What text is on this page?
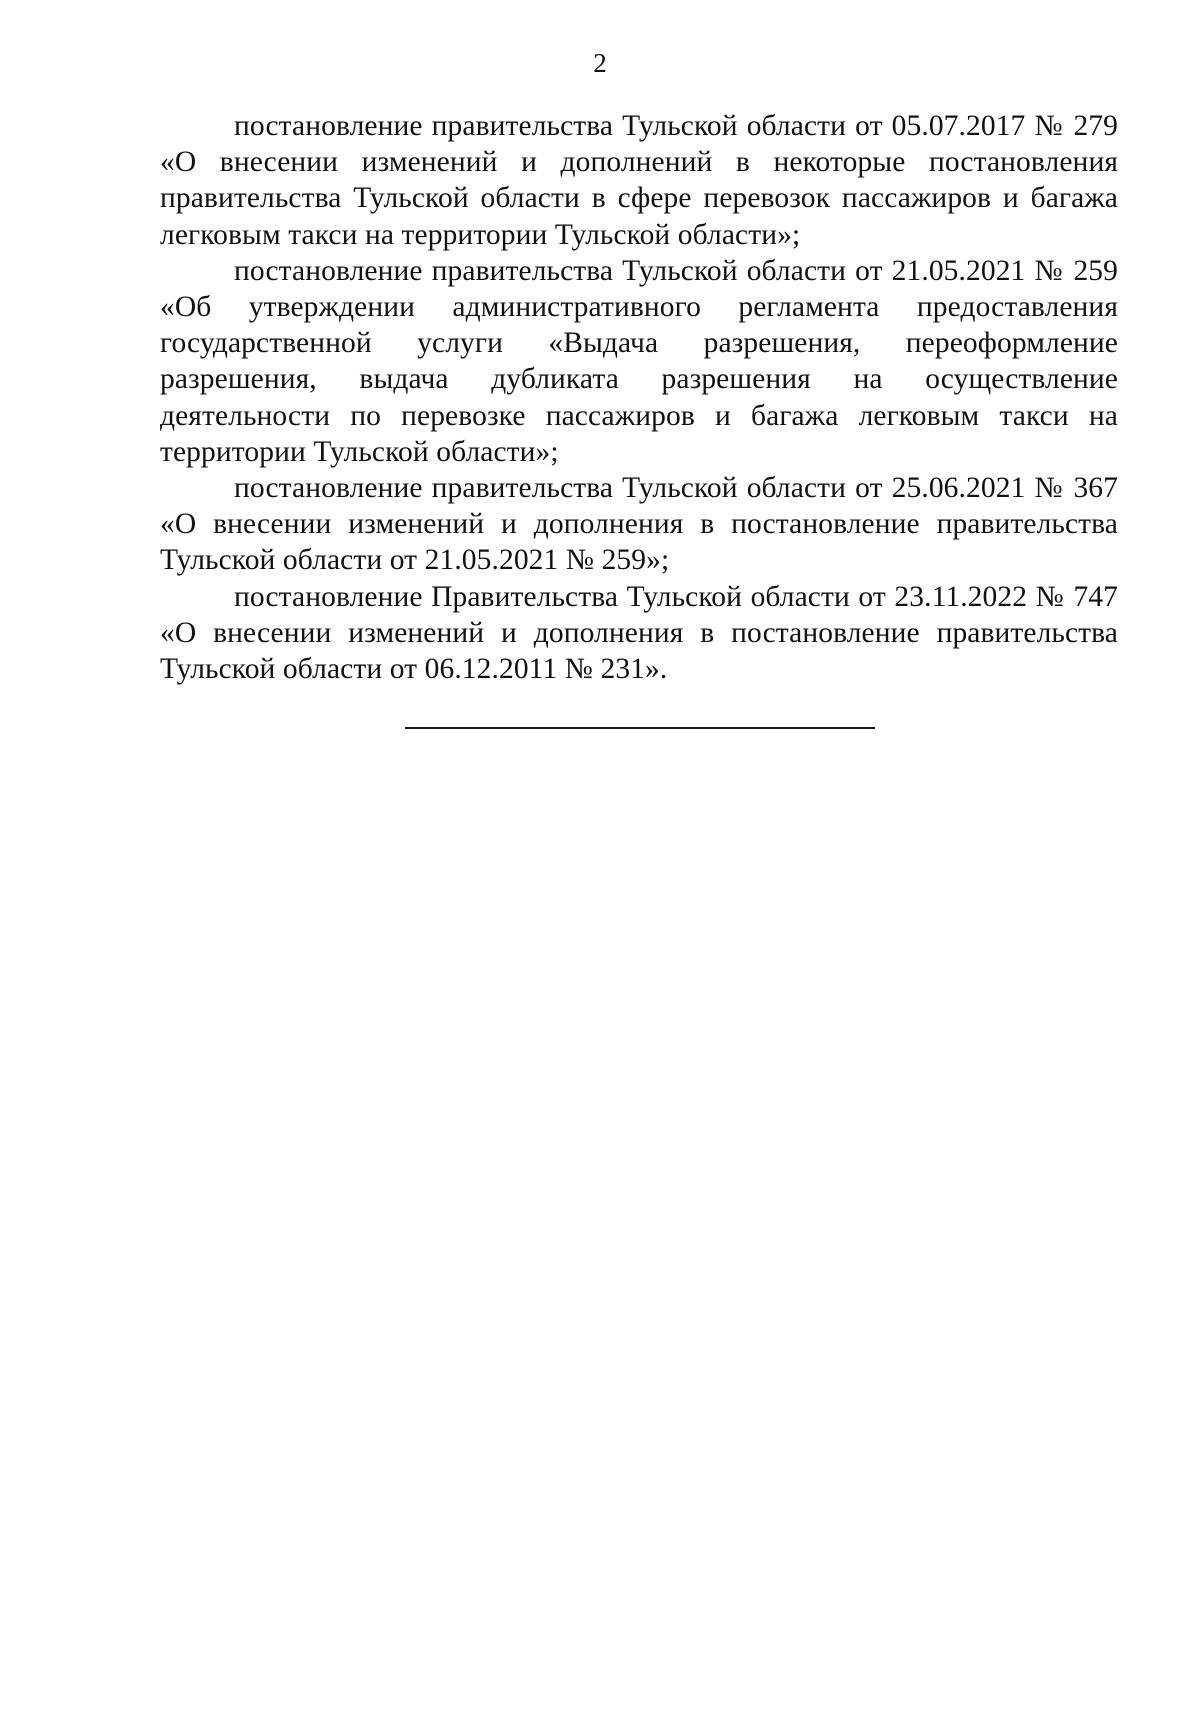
2

постановление правительства Тульской области от 05.07.2017 № 279 «О внесении изменений и дополнений в некоторые постановления правительства Тульской области в сфере перевозок пассажиров и багажа легковым такси на территории Тульской области»;

постановление правительства Тульской области от 21.05.2021 № 259 «Об утверждении административного регламента предоставления государственной услуги «Выдача разрешения, переоформление разрешения, выдача дубликата разрешения на осуществление деятельности по перевозке пассажиров и багажа легковым такси на территории Тульской области»;

постановление правительства Тульской области от 25.06.2021 № 367 «О внесении изменений и дополнения в постановление правительства Тульской области от 21.05.2021 № 259»;

постановление Правительства Тульской области от 23.11.2022 № 747 «О внесении изменений и дополнения в постановление правительства Тульской области от 06.12.2011 № 231».
